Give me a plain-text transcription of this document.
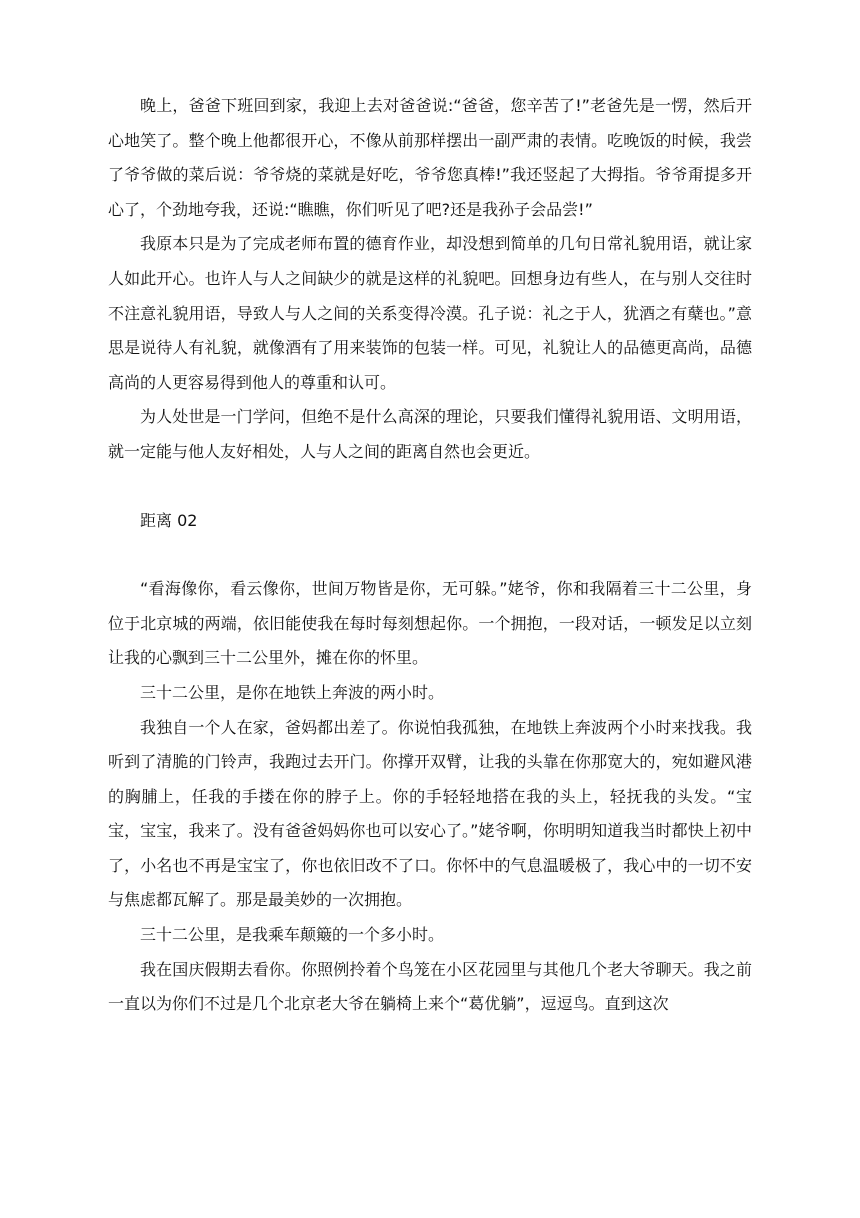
晚上，爸爸下班回到家，我迎上去对爸爸说:“爸爸，您辛苦了!”老爸先是一愣，然后开心地笑了。整个晚上他都很开心，不像从前那样摆出一副严肃的表情。吃晚饭的时候，我尝了爷爷做的菜后说：爷爷烧的菜就是好吃，爷爷您真棒!”我还竖起了大拇指。爷爷甭提多开心了，个劲地夸我，还说:“瞧瞧，你们听见了吧?还是我孙子会品尝!”

我原本只是为了完成老师布置的德育作业，却没想到简单的几句日常礼貌用语，就让家人如此开心。也许人与人之间缺少的就是这样的礼貌吧。回想身边有些人，在与别人交往时不注意礼貌用语，导致人与人之间的关系变得冷漠。孔子说：礼之于人，犹酒之有蘖也。”意思是说待人有礼貌，就像酒有了用来装饰的包装一样。可见，礼貌让人的品德更高尚，品德高尚的人更容易得到他人的尊重和认可。

为人处世是一门学问，但绝不是什么高深的理论，只要我们懂得礼貌用语、文明用语，就一定能与他人友好相处，人与人之间的距离自然也会更近。

距离 02

“看海像你，看云像你，世间万物皆是你，无可躲。”姥爷，你和我隔着三十二公里，身位于北京城的两端，依旧能使我在每时每刻想起你。一个拥抱，一段对话，一顿发足以立刻让我的心飘到三十二公里外，摊在你的怀里。

三十二公里，是你在地铁上奔波的两小时。

我独自一个人在家，爸妈都出差了。你说怕我孤独，在地铁上奔波两个小时来找我。我听到了清脆的门铃声，我跑过去开门。你撑开双臂，让我的头靠在你那宽大的，宛如避风港的胸脯上，任我的手搂在你的脖子上。你的手轻轻地搭在我的头上，轻抚我的头发。“宝宝，宝宝，我来了。没有爸爸妈妈你也可以安心了。”姥爷啊，你明明知道我当时都快上初中了，小名也不再是宝宝了，你也依旧改不了口。你怀中的气息温暖极了，我心中的一切不安与焦虑都瓦解了。那是最美妙的一次拥抱。

三十二公里，是我乘车颠簸的一个多小时。

我在国庆假期去看你。你照例拎着个鸟笼在小区花园里与其他几个老大爷聊天。我之前一直以为你们不过是几个北京老大爷在躺椅上来个“葛优躺”，逗逗鸟。直到这次
